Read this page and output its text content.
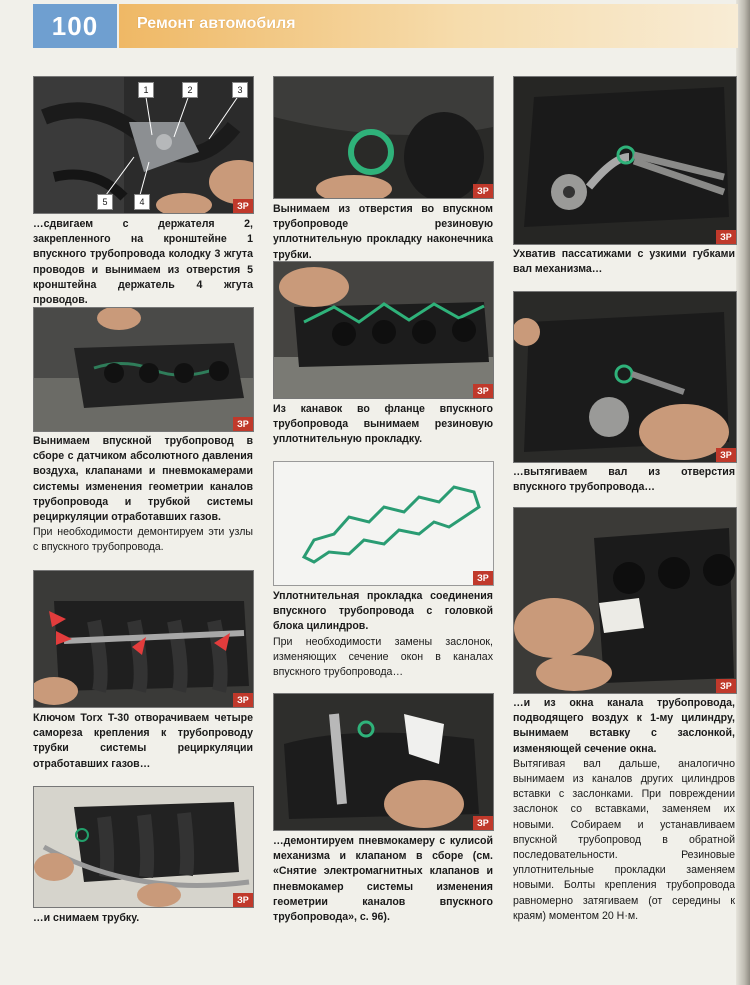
100	Ремонт автомобиля
1	2	3
5	4	ЗР

…сдвигаем с держателя 2, закрепленного на кронштейне 1 впускного трубопровода колодку 3 жгута проводов и вынимаем из отверстия 5 кронштейна держатель 4 жгута проводов.

ЗР

Вынимаем впускной трубопровод в сборе с датчиком абсолютного давления воздуха, клапанами и пневмокамерами системы изменения геометрии каналов трубопровода и трубкой системы рециркуляции отработавших газов.

При необходимости демонтируем эти узлы с впускного трубопровода.

ЗР

Ключом Torx T-30 отворачиваем четыре самореза крепления к трубопроводу трубки системы рециркуляции отработавших газов…

ЗР

…и снимаем трубку.

ЗР

Вынимаем из отверстия во впускном трубопроводе резиновую уплотнительную прокладку наконечника трубки.

ЗР

Из канавок во фланце впускного трубопровода вынимаем резиновую уплотнительную прокладку.

ЗР

Уплотнительная прокладка соединения впускного трубопровода с головкой блока цилиндров.

При необходимости замены заслонок, изменяющих сечение окон в каналах впускного трубопровода…

ЗР

…демонтируем пневмокамеру с кулисой механизма и клапаном в сборе (см. «Снятие электромагнитных клапанов и пневмокамер системы изменения геометрии каналов впускного трубопровода», с. 96).

ЗР

Ухватив пассатижами с узкими губками вал механизма…

ЗР

…вытягиваем вал из отверстия впускного трубопровода…

ЗР

…и из окна канала трубопровода, подводящего воздух к 1-му цилиндру, вынимаем вставку с заслонкой, изменяющей сечение окна.

Вытягивая вал дальше, аналогично вынимаем из каналов других цилиндров вставки с заслонками. При повреждении заслонок со вставками, заменяем их новыми. Собираем и устанавливаем впускной трубопровод в обратной последовательности. Резиновые уплотнительные прокладки заменяем новыми. Болты крепления трубопровода равномерно затягиваем (от середины к краям) моментом 20 Н·м.
